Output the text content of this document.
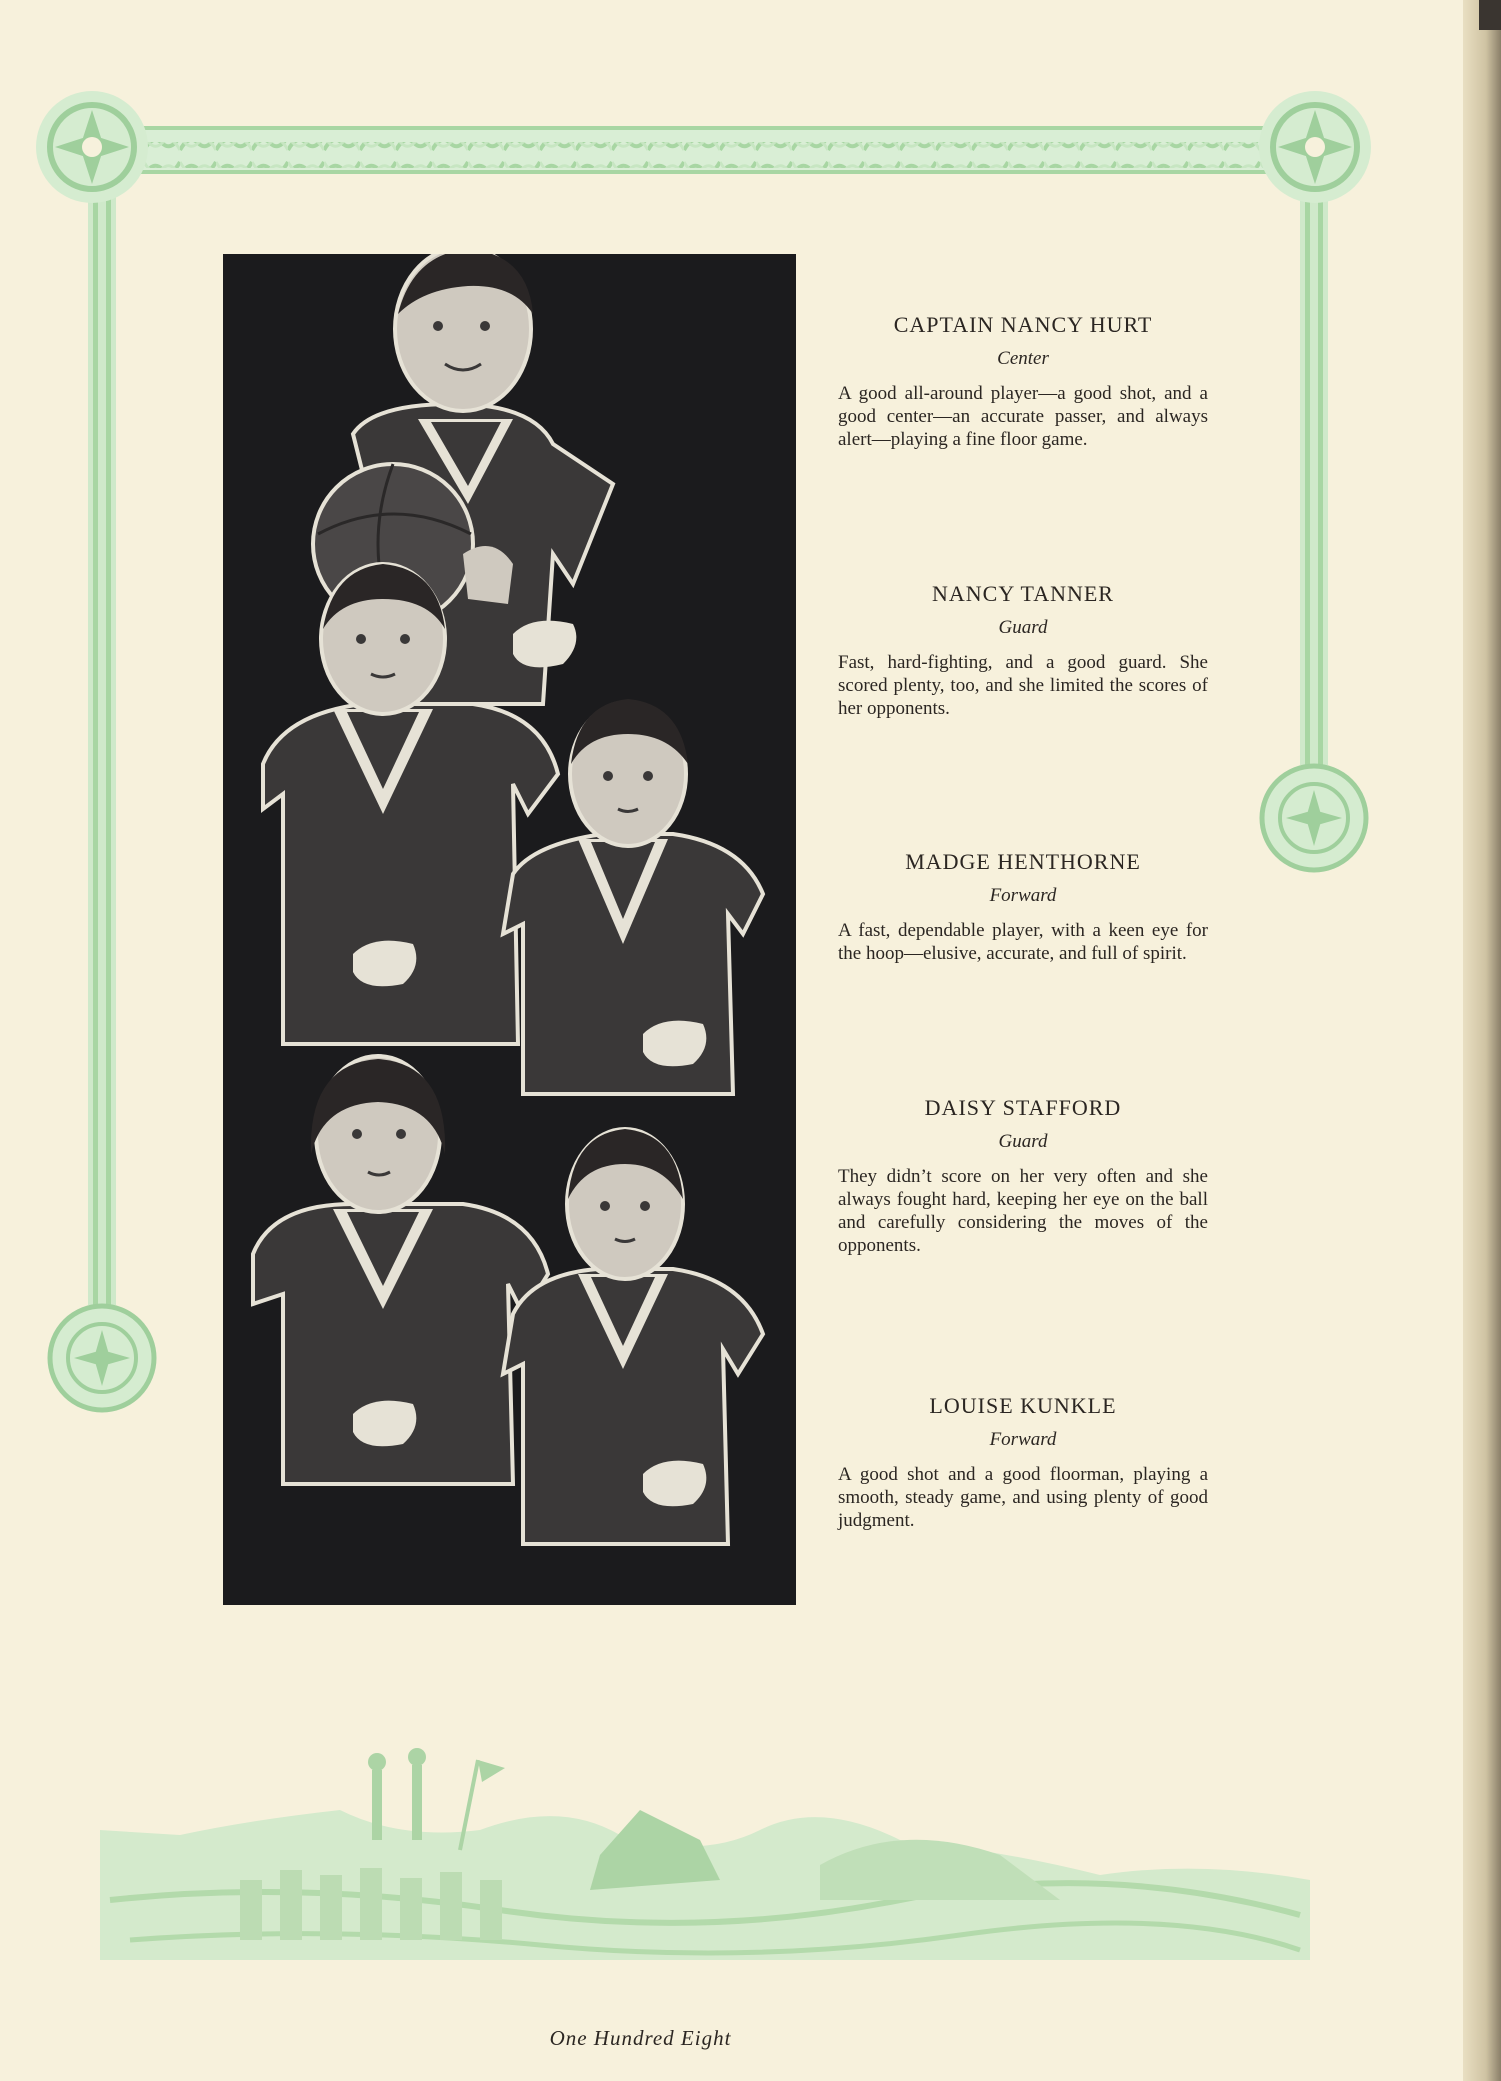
CAPTAIN NANCY HURT
Center

A good all-around player—a good shot, and a good center—an accurate passer, and always alert—playing a fine floor game.

NANCY TANNER
Guard

Fast, hard-fighting, and a good guard. She scored plenty, too, and she limited the scores of her opponents.

MADGE HENTHORNE
Forward

A fast, dependable player, with a keen eye for the hoop—elusive, accurate, and full of spirit.

DAISY STAFFORD
Guard

They didn’t score on her very often and she always fought hard, keeping her eye on the ball and carefully considering the moves of the opponents.

LOUISE KUNKLE
Forward

A good shot and a good floorman, playing a smooth, steady game, and using plenty of good judgment.

One Hundred Eight
